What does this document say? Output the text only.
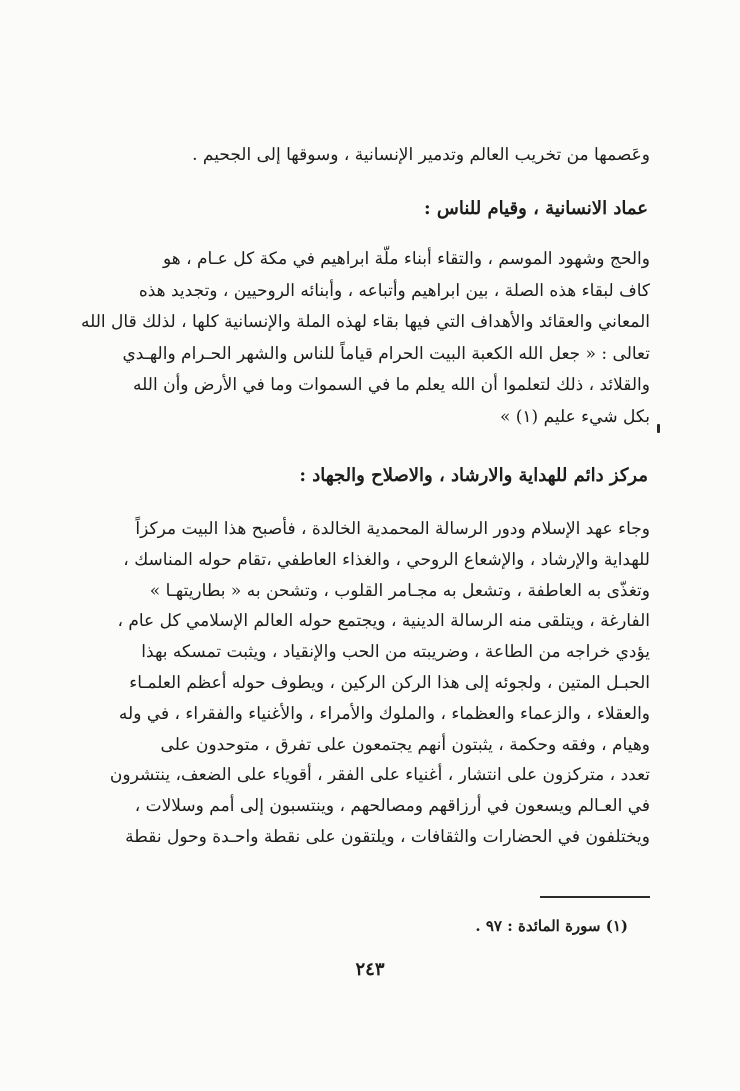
وعَصمها من تخريب العالم وتدمير الإنسانية ، وسوقها إلى الجحيم .
عماد الانسانية ، وقيام للناس :
والحج وشهود الموسم ، والتقاء أبناء ملّة ابراهيم في مكة كل عـام ، هو
كاف لبقاء هذه الصلة ، بين ابراهيم وأتباعه ، وأبنائه الروحيين ، وتجديد هذه
المعاني والعقائد والأهداف التي فيها بقاء لهذه الملة والإنسانية كلها ، لذلك قال الله
تعالى : « جعل الله الكعبة البيت الحرام قياماً للناس والشهر الحـرام والهـدي
والقلائد ، ذلك لتعلموا أن الله يعلم ما في السموات وما في الأرض وأن الله
بكل شيء عليم (١) »
مركز دائم للهداية والارشاد ، والاصلاح والجهاد :
وجاء عهد الإسلام ودور الرسالة المحمدية الخالدة ، فأصبح هذا البيت مركزاً
للهداية والإرشاد ، والإشعاع الروحي ، والغذاء العاطفي ،تقام حوله المناسك ،
وتغذّى به العاطفة ، وتشعل به مجـامر القلوب ، وتشحن به « بطاريتهـا »
الفارغة ، ويتلقى منه الرسالة الدينية ، ويجتمع حوله العالم الإسلامي كل عام ،
يؤدي خراجه من الطاعة ، وضريبته من الحب والإنقياد ، ويثبت تمسكه بهذا
الحبـل المتين ، ولجوئه إلى هذا الركن الركين ، ويطوف حوله أعظم العلمـاء
والعقلاء ، والزعماء والعظماء ، والملوك والأمراء ، والأغنياء والفقراء ، في وله
وهيام ، وفقه وحكمة ، يثبتون أنهم يجتمعون على تفرق ، متوحدون على
تعدد ، متركزون على انتشار ، أغنياء على الفقر ، أقوياء على الضعف، ينتشرون
في العـالم ويسعون في أرزاقهم ومصالحهم ، وينتسبون إلى أمم وسلالات ،
ويختلفون في الحضارات والثقافات ، ويلتقون على نقطة واحـدة وحول نقطة
(١) سورة المائدة : ٩٧ .
٢٤٣
